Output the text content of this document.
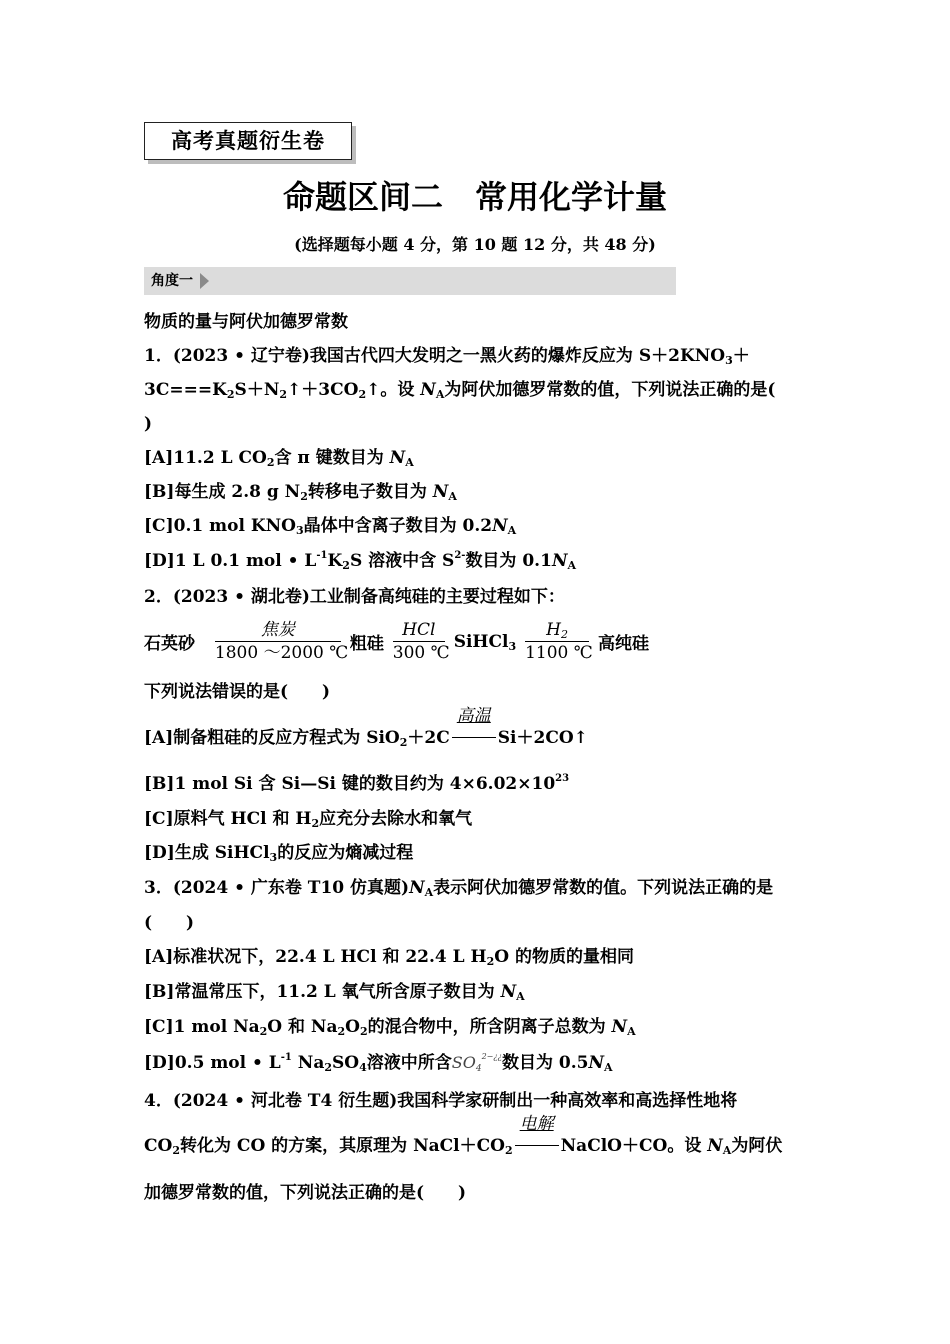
高考真题衍生卷
命题区间二　常用化学计量
(选择题每小题 4 分，第 10 题 12 分，共 48 分)
角度一
物质的量与阿伏加德罗常数
1．(2023 • 辽宁卷)我国古代四大发明之一黑火药的爆炸反应为 $S+2KNO_3+$
$3C===K_2S+N_2↑+3CO_2↑$。设 $N_A$为阿伏加德罗常数的值，下列说法正确的是(
)
[A]11.2 L $CO_2$含 π 键数目为 $N_A$
[B]每生成 2.8 g $N_2$转移电子数目为 $N_A$
[C]0.1 mol $KNO_3$晶体中含离子数目为 $0.2N_A$
[D]1 L 0.1 mol • $L^{-1}K_2S$ 溶液中含 $S^{2-}$数目为 $0.1N_A$
2．(2023 • 湖北卷)工业制备高纯硅的主要过程如下：
石英砂
焦炭
1800 ～2000 ℃ 粗硅
HCl
300 ℃
SiHCl$_3$ $\frac{H_2}{1100 ℃}$ 高纯硅
下列说法错误的是(　　)
[A]制备粗硅的反应方程式为 SiO$_2$＋2C
高温
Si＋2CO↑
[B]1 mol Si 含 Si—Si 键的数目约为 $4\times 6.02\times 10^{23}$
[C]原料气 HCl 和 $H_2$应充分去除水和氧气
[D]生成 SiHCl$_3$的反应为熵减过程
3．(2024 • 广东卷 T10 仿真题)$N_A$表示阿伏加德罗常数的值。下列说法正确的是
(　　)
[A]标准状况下，22.4 L HCl 和 22.4 L $H_2O$ 的物质的量相同
[B]常温常压下，11.2 L 氧气所含原子数目为 $N_A$
[C]1 mol $Na_2O$ 和 $Na_2O_2$的混合物中，所含阴离子总数为 $N_A$
[D]0.5 mol • $L^{-1}$ $Na_2SO_4$溶液中所含$SO_4^{2-¿¿}$数目为 $0.5N_A$
4．(2024 • 河北卷 T4 衍生题)我国科学家研制出一种高效率和高选择性地将
$CO_2$转化为 CO 的方案，其原理为 $NaCl+CO_2$
电解
NaClO＋CO。设 $N_A$为阿伏
加德罗常数的值，下列说法正确的是(　　)
